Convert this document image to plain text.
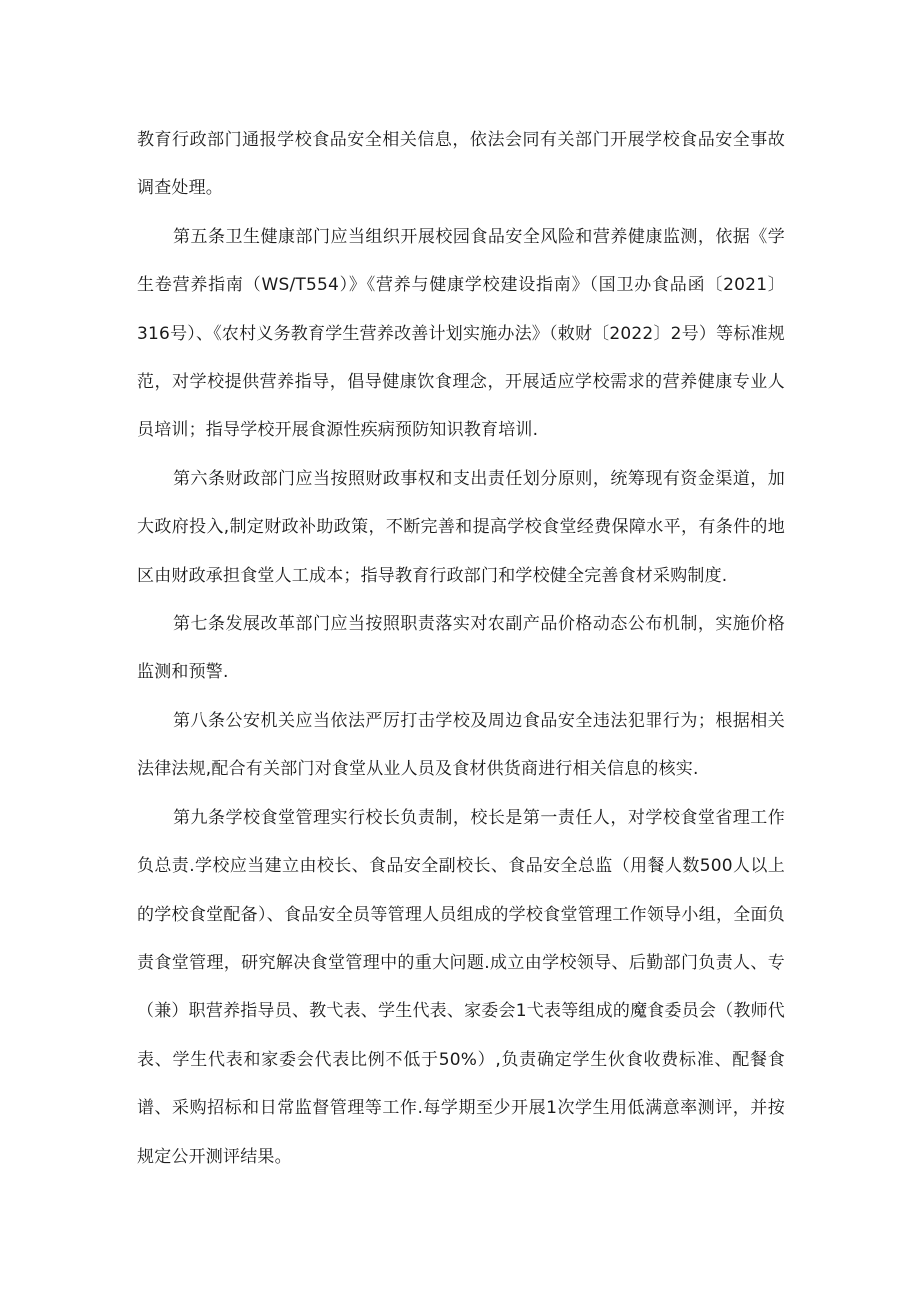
教育行政部门通报学校食品安全相关信息，依法会同有关部门开展学校食品安全事故调查处理。

第五条卫生健康部门应当组织开展校园食品安全风险和营养健康监测，依据《学生卷营养指南（WS/T554）》《营养与健康学校建设指南》（国卫办食品函〔2021〕316号）、《农村义务教育学生营养改善计划实施办法》（敕财〔2022〕2号）等标准规范，对学校提供营养指导，倡导健康饮食理念，开展适应学校需求的营养健康专业人员培训；指导学校开展食源性疾病预防知识教育培训.

第六条财政部门应当按照财政事权和支出责任划分原则，统筹现有资金渠道，加大政府投入,制定财政补助政策，不断完善和提高学校食堂经费保障水平，有条件的地区由财政承担食堂人工成本；指导教育行政部门和学校健全完善食材采购制度.

第七条发展改革部门应当按照职责落实对农副产品价格动态公布机制，实施价格监测和预警.

第八条公安机关应当依法严厉打击学校及周边食品安全违法犯罪行为；根据相关法律法规,配合有关部门对食堂从业人员及食材供货商进行相关信息的核实.

第九条学校食堂管理实行校长负责制，校长是第一责任人，对学校食堂省理工作负总责.学校应当建立由校长、食品安全副校长、食品安全总监（用餐人数500人以上的学校食堂配备）、食品安全员等管理人员组成的学校食堂管理工作领导小组，全面负责食堂管理，研究解决食堂管理中的重大问题.成立由学校领导、后勤部门负责人、专（兼）职营养指导员、教弋表、学生代表、家委会1弋表等组成的魔食委员会（教师代表、学生代表和家委会代表比例不低于50%）,负责确定学生伙食收费标准、配餐食谱、采购招标和日常监督管理等工作.每学期至少开展1次学生用低满意率测评，并按规定公开测评结果。
